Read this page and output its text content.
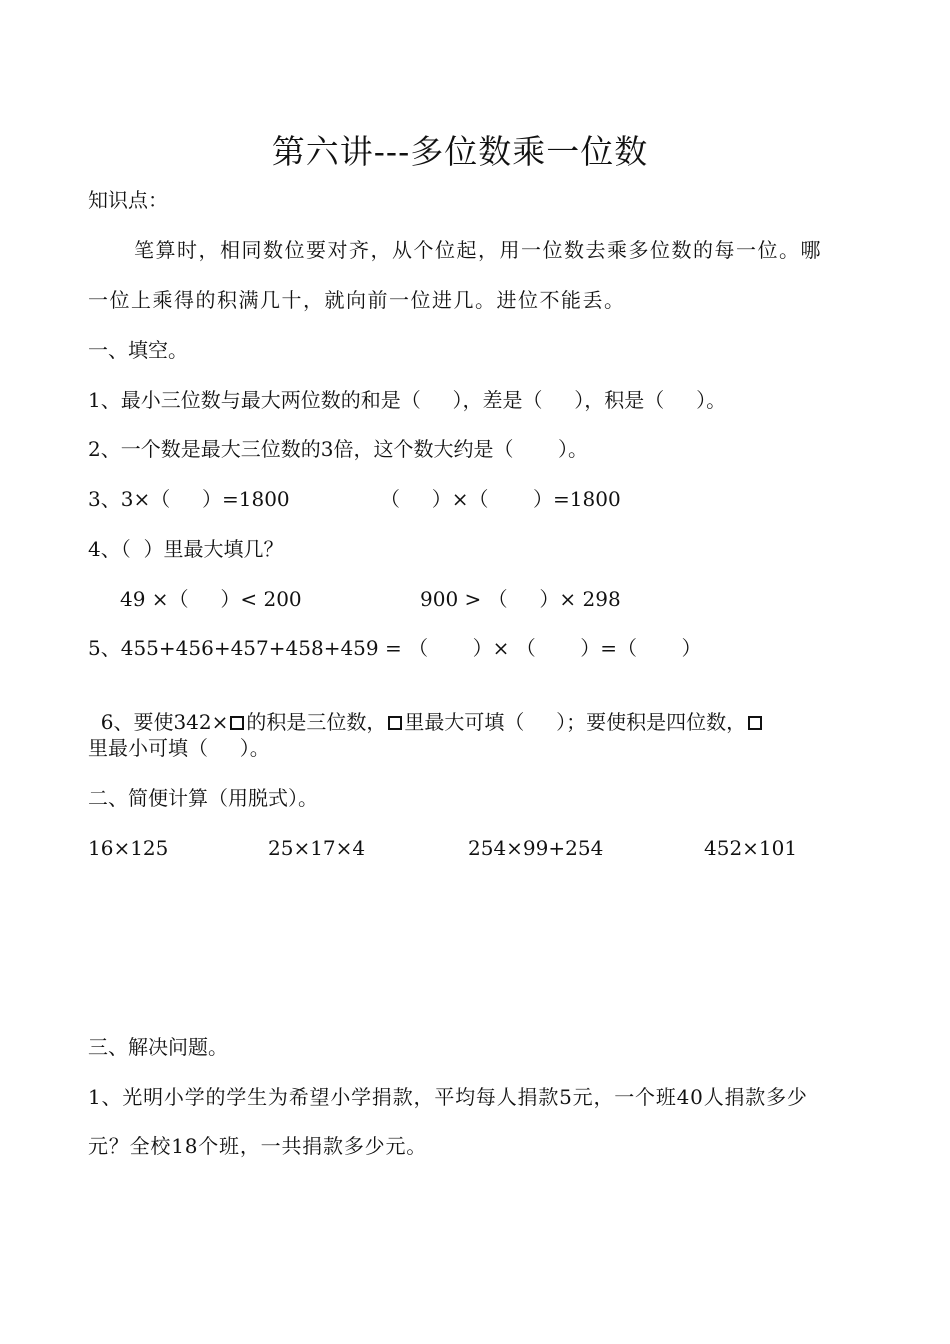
第六讲---多位数乘一位数
知识点：
笔算时，相同数位要对齐，从个位起，用一位数去乘多位数的每一位。哪
一位上乘得的积满几十，就向前一位进几。进位不能丢。
一、填空。
1、最小三位数与最大两位数的和是（     ），差是（     ），积是（     ）。
2、一个数是最大三位数的3倍，这个数大约是（       ）。
3、3×（     ）=1800	（     ）×（       ）=1800
4、（  ）里最大填几？
49 ×（     ）< 200	900 > （     ）× 298
5、455+456+457+458+459 = （       ）× （       ）=（       ）

6、要使342× 的积是三位数， 里最大可填（     ）；要使积是四位数，

里最小可填（     ）。
二、简便计算（用脱式）。
16×125	25×17×4	254×99+254	452×101
三、解决问题。
1、光明小学的学生为希望小学捐款，平均每人捐款5元，一个班40人捐款多少
元？全校18个班，一共捐款多少元。
